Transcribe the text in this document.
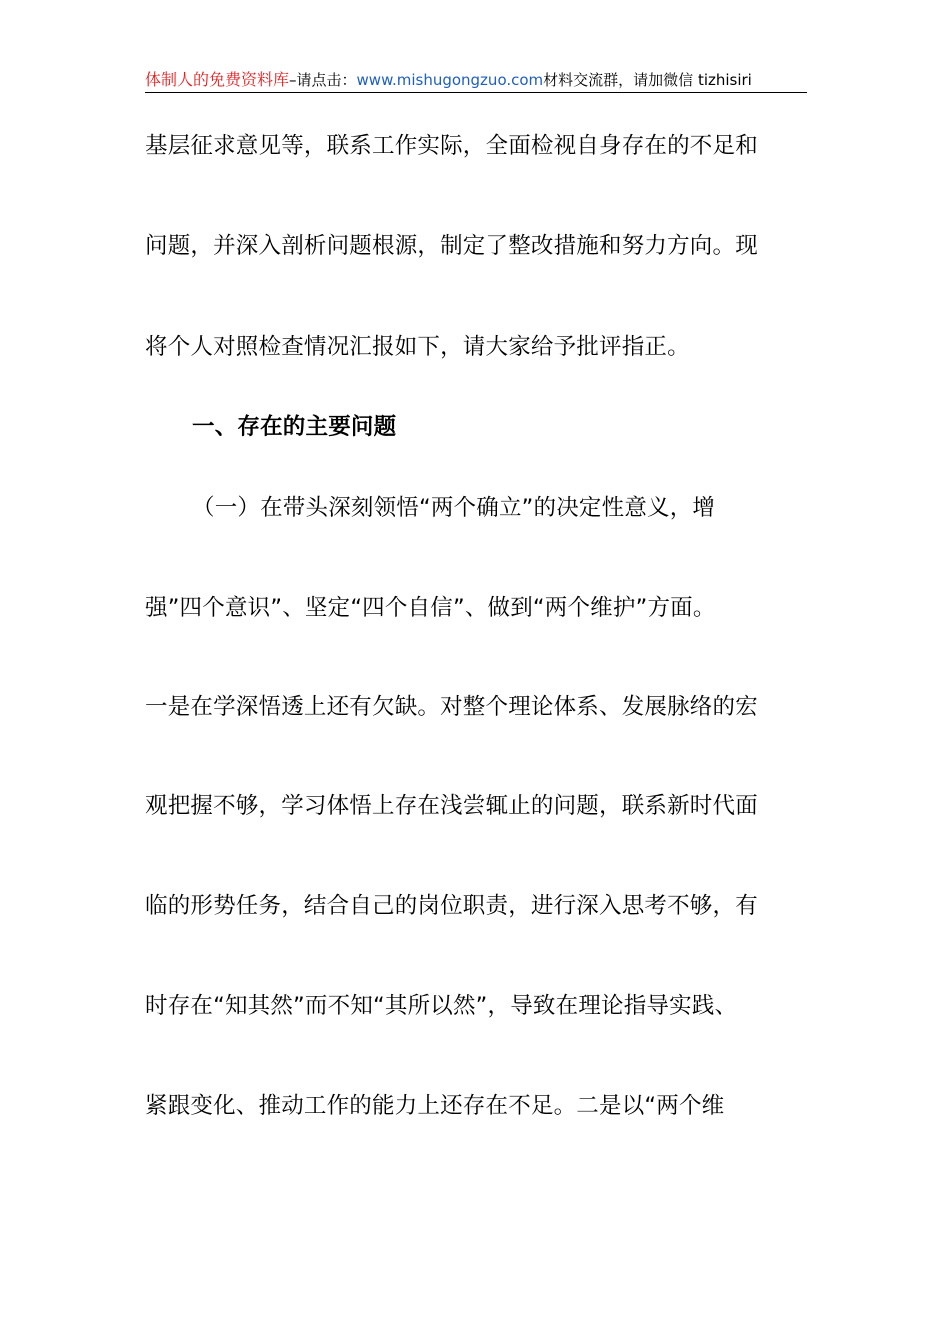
体制人的免费资料库–请点击：www.mishugongzuo.com材料交流群，请加微信 tizhisiri
基层征求意见等，联系工作实际，全面检视自身存在的不足和
问题，并深入剖析问题根源，制定了整改措施和努力方向。现
将个人对照检查情况汇报如下，请大家给予批评指正。
一、存在的主要问题
（一）在带头深刻领悟“两个确立”的决定性意义，增
强”四个意识”、坚定“四个自信”、做到“两个维护”方面。
一是在学深悟透上还有欠缺。对整个理论体系、发展脉络的宏
观把握不够，学习体悟上存在浅尝辄止的问题，联系新时代面
临的形势任务，结合自己的岗位职责，进行深入思考不够，有
时存在“知其然”而不知“其所以然”，导致在理论指导实践、
紧跟变化、推动工作的能力上还存在不足。二是以“两个维
